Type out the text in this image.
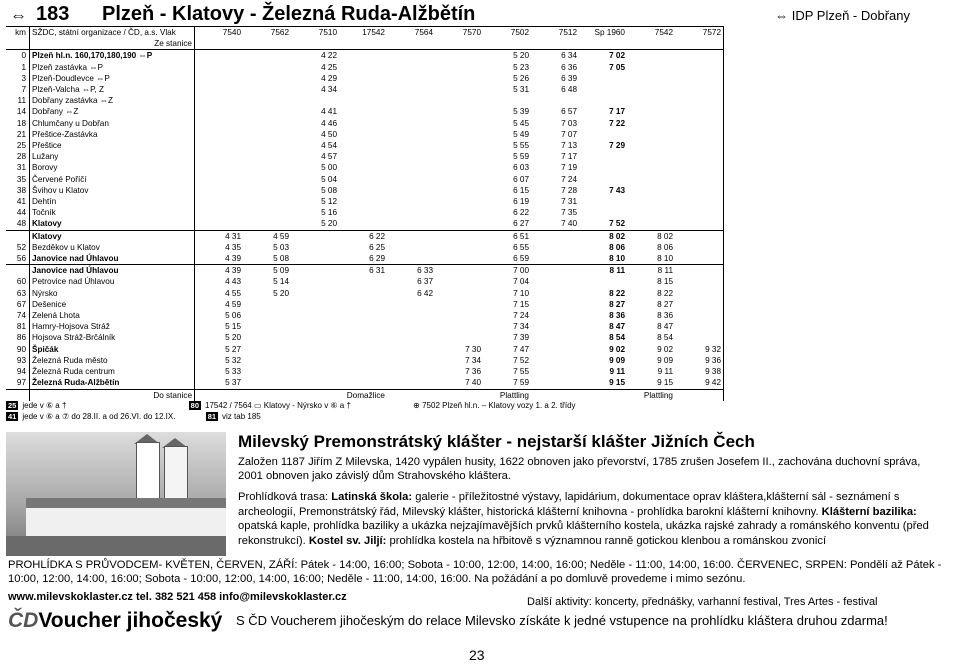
⇔ 183 Plzeň - Klatovy - Železná Ruda-Alžbětín	⇔ IDP Plzeň - Dobřany
km	SŽDC, státní organizace / ČD, a.s. Vlak	7540	7562	7510	17542	7564	7570	7502	7512	Sp 1960	7542	7572
	Ze stanice											
0	Plzeň hl.n. 160,170,180,190 ⇔P			4 22				5 20	6 34	7 02		
1	Plzeň zastávka ⇔P			4 25				5 23	6 36	7 05		
3	Plzeň-Doudlevce ⇔P			4 29				5 26	6 39			
7	Plzeň-Valcha ⇔P, Z			4 34				5 31	6 48			
11	Dobřany zastávka ⇔Z											
14	Dobřany ⇔Z			4 41				5 39	6 57	7 17		
18	Chlumčany u Dobřan			4 46				5 45	7 03	7 22		
21	Přeštice-Zastávka			4 50				5 49	7 07			
25	Přeštice			4 54				5 55	7 13	7 29		
28	Lužany			4 57				5 59	7 17			
31	Borovy			5 00				6 03	7 19			
35	Červené Poříčí			5 04				6 07	7 24			
38	Švihov u Klatov			5 08				6 15	7 28	7 43		
41	Dehtín			5 12				6 19	7 31			
44	Točník			5 16				6 22	7 35			
48	Klatovy			5 20				6 27	7 40	7 52		
	Klatovy	4 31	4 59		6 22			6 51		8 02	8 02	
52	Bezděkov u Klatov	4 35	5 03		6 25			6 55		8 06	8 06	
56	Janovice nad Úhlavou	4 39	5 08		6 29			6 59		8 10	8 10	
	Janovice nad Úhlavou	4 39	5 09		6 31	6 33		7 00		8 11	8 11	
60	Petrovice nad Úhlavou	4 43	5 14			6 37		7 04			8 15	
63	Nýrsko	4 55	5 20			6 42		7 10		8 22	8 22	
67	Dešenice	4 59						7 15		8 27	8 27	
74	Zelená Lhota	5 06						7 24		8 36	8 36	
81	Hamry-Hojsova Stráž	5 15						7 34		8 47	8 47	
86	Hojsova Stráž-Brčálník	5 20						7 39		8 54	8 54	
90	Špičák	5 27					7 30	7 47		9 02	9 02	9 32
93	Železná Ruda město	5 32					7 34	7 52		9 09	9 09	9 36
94	Železná Ruda centrum	5 33					7 36	7 55		9 11	9 11	9 38
97	Železná Ruda-Alžbětín	5 37					7 40	7 59		9 15	9 15	9 42
	Do stanice				Domažlice			Plattling			Plattling	
25 jede v ⑥ a †	80 17542 / 7564 ▭ Klatovy - Nýrsko v ⑥ a †	⊕ 7502 Plzeň hl.n. – Klatovy vozy 1. a 2. třídy
41 jede v ⑥ a ⑦ do 28.II. a od 26.VI. do 12.IX.	81 viz tab 185
Milevský Premonstrátský klášter - nejstarší klášter Jižních Čech
Založen 1187 Jiřím Z Milevska, 1420 vypálen husity, 1622 obnoven jako převorství, 1785 zrušen Josefem II., zachována duchovní správa, 2001 obnoven jako závislý dům Strahovského kláštera.
Prohlídková trasa: Latinská škola: galerie - příležitostné výstavy, lapidárium, dokumentace oprav kláštera,klášterní sál - seznámení s archeologií, Premonstrátský řád, Milevský klášter, historická klášterní knihovna - prohlídka barokní klášterní knihovny. Klášterní bazilika: opatská kaple, prohlídka baziliky a ukázka nejzajímavějších prvků klášterního kostela, ukázka rajské zahrady a románského konventu (před rekonstrukcí). Kostel sv. Jiljí: prohlídka kostela na hřbitově s významnou ranně gotickou klenbou a románskou zvonicí
PROHLÍDKA S PRŮVODCEM- KVĚTEN, ČERVEN, ZÁŘÍ: Pátek - 14:00, 16:00; Sobota - 10:00, 12:00, 14:00, 16:00; Neděle - 11:00, 14:00, 16:00. ČERVENEC, SRPEN: Pondělí až Pátek - 10:00, 12:00, 14:00, 16:00; Sobota - 10:00, 12:00, 14:00, 16:00; Neděle - 11:00, 14:00, 16:00. Na požádání a po domluvě provedeme i mimo sezónu.
www.milevskoklaster.cz tel. 382 521 458 info@milevskoklaster.cz	Další aktivity: koncerty, přednášky, varhanní festival, Tres Artes - festival
ČDVoucher jihočeský S ČD Voucherem jihočeským do relace Milevsko získáte k jedné vstupence na prohlídku kláštera druhou zdarma!
23
